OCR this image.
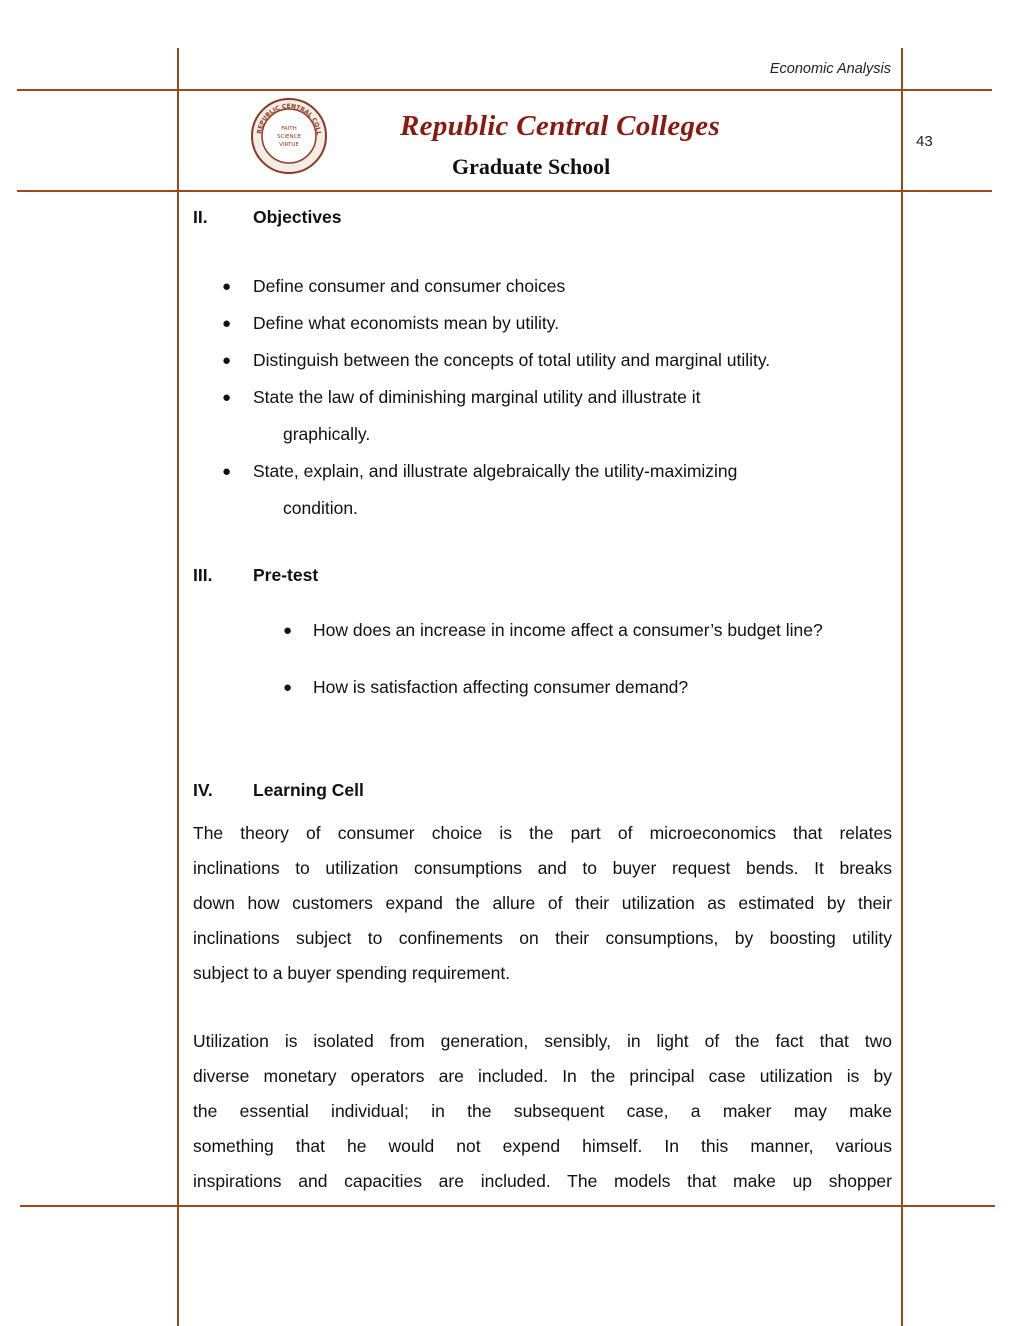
Economic Analysis
43
REPUBLIC CENTRAL COLL
FAITH
SCIENCE
VIRTUE
Republic Central Colleges
Graduate School
II.	Objectives
● Define consumer and consumer choices
● Define what economists mean by utility.
● Distinguish between the concepts of total utility and marginal utility.
● State the law of diminishing marginal utility and illustrate it
graphically.
● State, explain, and illustrate algebraically the utility-maximizing
condition.
III. Pre-test
● How does an increase in income affect a consumer’s budget line?
● How is satisfaction affecting consumer demand?
IV. Learning Cell
The theory of consumer choice is the part of microeconomics that relates
inclinations to utilization consumptions and to buyer request bends. It breaks
down how customers expand the allure of their utilization as estimated by their
inclinations subject to confinements on their consumptions, by boosting utility
subject to a buyer spending requirement.
Utilization is isolated from generation, sensibly, in light of the fact that two
diverse monetary operators are included. In the principal case utilization is by
the essential individual; in the subsequent case, a maker may make
something that he would not expend himself. In this manner, various
inspirations and capacities are included. The models that make up shopper
